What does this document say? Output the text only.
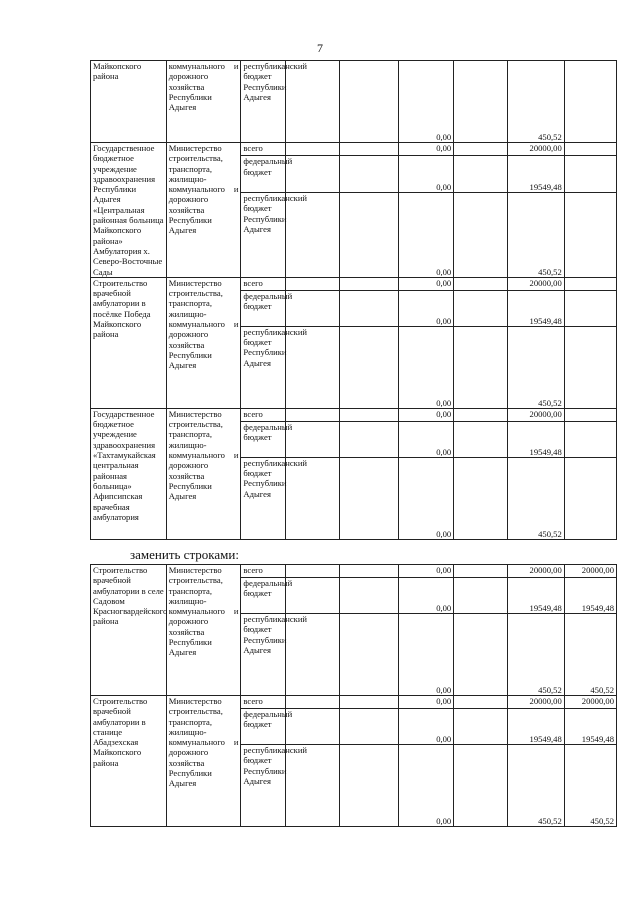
7
Майкопского района	коммунального и дорожного хозяйства Республики Адыгея	республиканский бюджет Республики Адыгея			0,00		450,52	
Государственное бюджетное учреждение здравоохранения Республики Адыгея «Центральная районная больница Майкопского района» Амбулатория х. Северо-Восточные Сады	Министерство строительства, транспорта, жилищно-коммунального и дорожного хозяйства Республики Адыгея	всего			0,00		20000,00	
		федеральный бюджет			0,00		19549,48	
		республиканский бюджет Республики Адыгея			0,00		450,52	
Строительство врачебной амбулатории в посёлке Победа Майкопского района	Министерство строительства, транспорта, жилищно-коммунального и дорожного хозяйства Республики Адыгея	всего			0,00		20000,00	
		федеральный бюджет			0,00		19549,48	
		республиканский бюджет Республики Адыгея			0,00		450,52	
Государственное бюджетное учреждение здравоохранения «Тахтамукайская центральная районная больница» Афипсипская врачебная амбулатория	Министерство строительства, транспорта, жилищно-коммунального и дорожного хозяйства Республики Адыгея	всего			0,00		20000,00	
		федеральный бюджет			0,00		19549,48	
		республиканский бюджет Республики Адыгея			0,00		450,52	
заменить строками:
Строительство врачебной амбулатории в селе Садовом Красногвардейского района	Министерство строительства, транспорта, жилищно-коммунального и дорожного хозяйства Республики Адыгея	всего			0,00		20000,00	20000,00
		федеральный бюджет			0,00		19549,48	19549,48
		республиканский бюджет Республики Адыгея			0,00		450,52	450,52
Строительство врачебной амбулатории в станице Абадзехская Майкопского района	Министерство строительства, транспорта, жилищно-коммунального и дорожного хозяйства Республики Адыгея	всего			0,00		20000,00	20000,00
		федеральный бюджет			0,00		19549,48	19549,48
		республиканский бюджет Республики Адыгея			0,00		450,52	450,52
